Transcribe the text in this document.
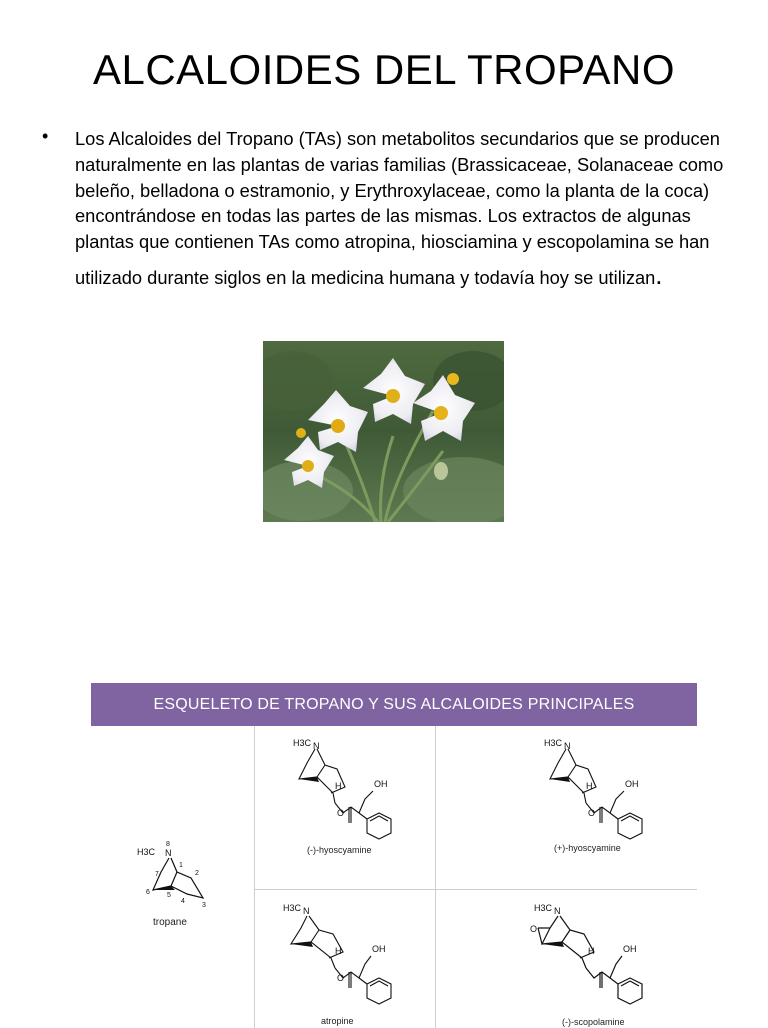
ALCALOIDES DEL TROPANO
• Los Alcaloides del Tropano (TAs) son metabolitos secundarios que se producen naturalmente en las plantas de varias familias (Brassicaceae, Solanaceae como beleño, belladona o estramonio, y Erythroxylaceae, como la planta de la coca) encontrándose en todas las partes de las mismas. Los extractos de algunas plantas que contienen TAs como atropina, hiosciamina y escopolamina se han utilizado durante siglos en la medicina humana y todavía hoy se utilizan.
ESQUELETO DE TROPANO Y SUS ALCALOIDES PRINCIPALES
H3C N
8
1
2
3
4
5
6
7
tropane
H3C N
H	OH
O
(-)-hyoscyamine
H3C N
H	OH
O
(+)-hyoscyamine
H3C N
H	OH
O
atropine
H3C N
H	OH
O
(-)-scopolamine
